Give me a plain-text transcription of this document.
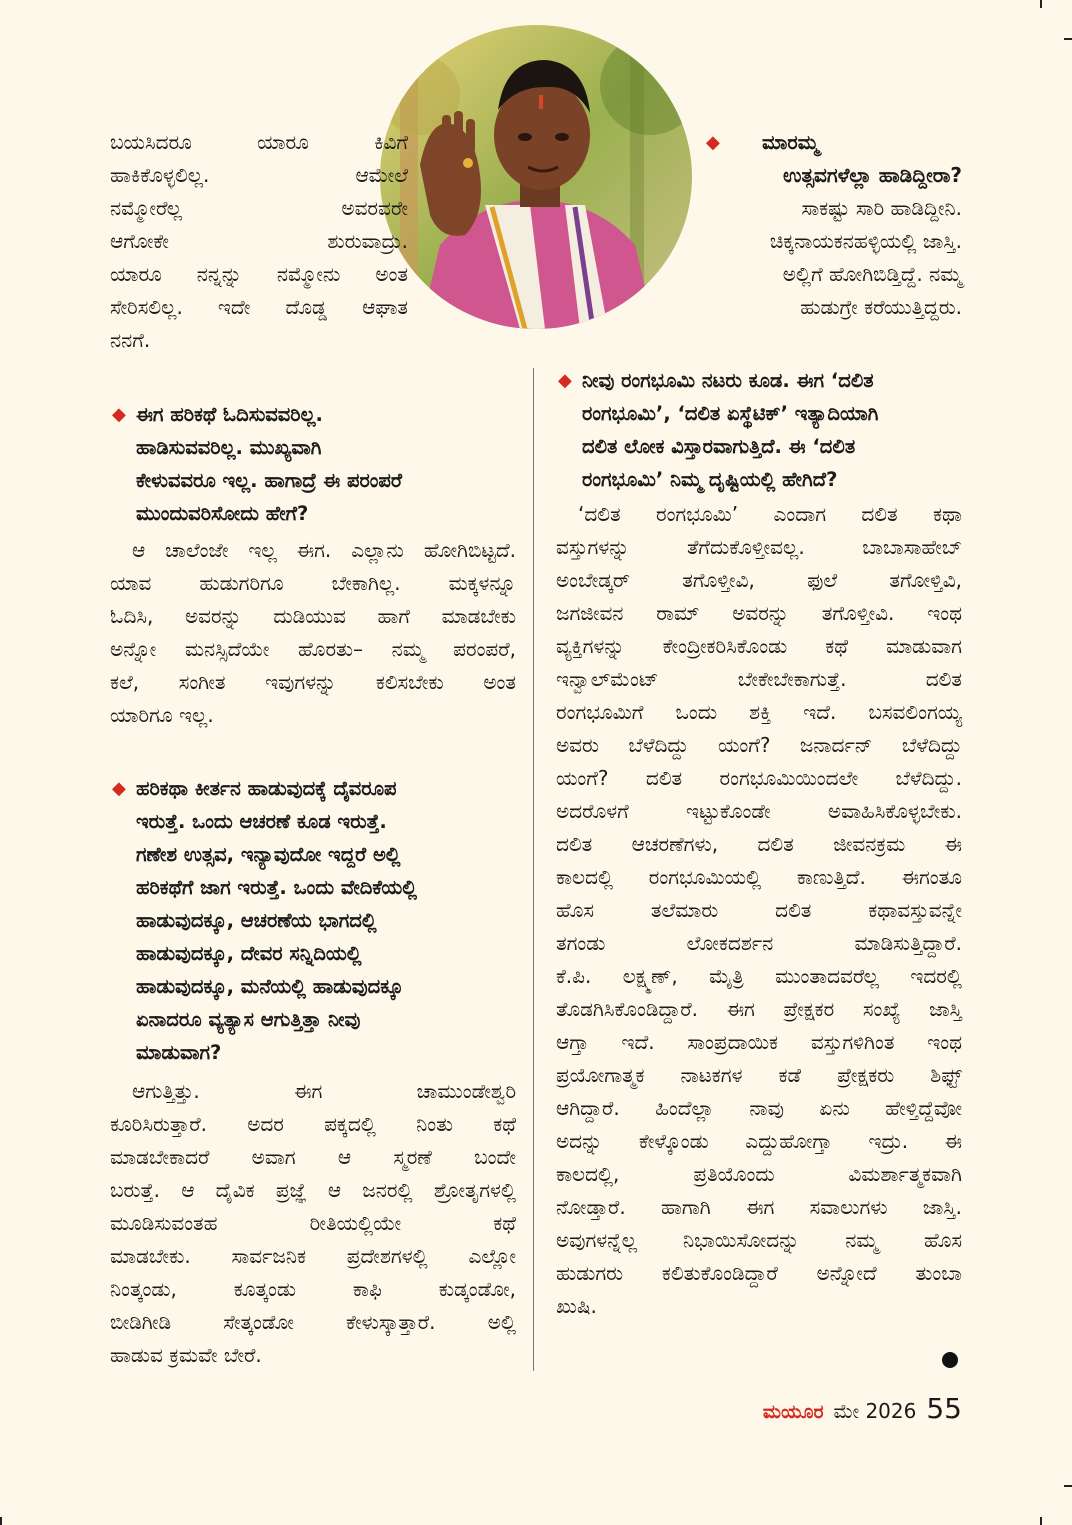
ಬಯಸಿದರೂ ಯಾರೂ ಕಿವಿಗೆ

ಹಾಕಿಕೊಳ್ಳಲಿಲ್ಲ. ಆಮೇಲೆ

ನಮ್ಮೋರೆಲ್ಲ ಅವರವರೇ

ಆಗೋಕೇ ಶುರುವಾದ್ರು.

ಯಾರೂ ನನ್ನನ್ನು ನಮ್ಮೋನು ಅಂತ

ಸೇರಿಸಲಿಲ್ಲ. ಇದೇ ದೊಡ್ಡ ಆಘಾತ

ನನಗೆ.

◆ ಮಾರಮ್ಮ

ಉತ್ಸವಗಳೆಲ್ಲಾ ಹಾಡಿದ್ದೀರಾ?

ಸಾಕಷ್ಟು ಸಾರಿ ಹಾಡಿದ್ದೀನಿ.

ಚಿಕ್ಕನಾಯಕನಹಳ್ಳಿಯಲ್ಲಿ ಜಾಸ್ತಿ.

ಅಲ್ಲಿಗೆ ಹೋಗಿಬಿಡ್ತಿದ್ದೆ. ನಮ್ಮ

ಹುಡುಗ್ರೇ ಕರೆಯುತ್ತಿದ್ದರು.

◆ ಈಗ ಹರಿಕಥೆ ಓದಿಸುವವರಿಲ್ಲ.

ಹಾಡಿಸುವವರಿಲ್ಲ. ಮುಖ್ಯವಾಗಿ

ಕೇಳುವವರೂ ಇಲ್ಲ. ಹಾಗಾದ್ರೆ ಈ ಪರಂಪರೆ

ಮುಂದುವರಿಸೋದು ಹೇಗೆ?

ಆ ಚಾಲೆಂಜೇ ಇಲ್ಲ ಈಗ. ಎಲ್ಲಾನು ಹೋಗಿಬಿಟ್ಟದೆ.

ಯಾವ ಹುಡುಗರಿಗೂ ಬೇಕಾಗಿಲ್ಲ. ಮಕ್ಕಳನ್ನೂ

ಓದಿಸಿ, ಅವರನ್ನು ದುಡಿಯುವ ಹಾಗೆ ಮಾಡಬೇಕು

ಅನ್ನೋ ಮನಸ್ಸಿದೆಯೇ ಹೊರತು– ನಮ್ಮ ಪರಂಪರೆ,

ಕಲೆ, ಸಂಗೀತ ಇವುಗಳನ್ನು ಕಲಿಸಬೇಕು ಅಂತ

ಯಾರಿಗೂ ಇಲ್ಲ.

◆ ಹರಿಕಥಾ ಕೀರ್ತನ ಹಾಡುವುದಕ್ಕೆ ದೈವರೂಪ

ಇರುತ್ತೆ. ಒಂದು ಆಚರಣೆ ಕೂಡ ಇರುತ್ತೆ.

ಗಣೇಶ ಉತ್ಸವ, ಇನ್ಯಾವುದೋ ಇದ್ದರೆ ಅಲ್ಲಿ

ಹರಿಕಥೆಗೆ ಜಾಗ ಇರುತ್ತೆ. ಒಂದು ವೇದಿಕೆಯಲ್ಲಿ

ಹಾಡುವುದಕ್ಕೂ, ಆಚರಣೆಯ ಭಾಗದಲ್ಲಿ

ಹಾಡುವುದಕ್ಕೂ, ದೇವರ ಸನ್ನಿದಿಯಲ್ಲಿ

ಹಾಡುವುದಕ್ಕೂ, ಮನೆಯಲ್ಲಿ ಹಾಡುವುದಕ್ಕೂ

ಏನಾದರೂ ವ್ಯತ್ಯಾಸ ಆಗುತ್ತಿತ್ತಾ ನೀವು

ಮಾಡುವಾಗ?

ಆಗುತ್ತಿತ್ತು. ಈಗ ಚಾಮುಂಡೇಶ್ವರಿ

ಕೂರಿಸಿರುತ್ತಾರೆ. ಅದರ ಪಕ್ಕದಲ್ಲಿ ನಿಂತು ಕಥೆ

ಮಾಡಬೇಕಾದರೆ ಅವಾಗ ಆ ಸ್ಮರಣೆ ಬಂದೇ

ಬರುತ್ತೆ. ಆ ದೈವಿಕ ಪ್ರಜ್ಞೆ ಆ ಜನರಲ್ಲಿ ಶ್ರೋತೃಗಳಲ್ಲಿ

ಮೂಡಿಸುವಂತಹ ರೀತಿಯಲ್ಲಿಯೇ ಕಥೆ

ಮಾಡಬೇಕು. ಸಾರ್ವಜನಿಕ ಪ್ರದೇಶಗಳಲ್ಲಿ ಎಲ್ಲೋ

ನಿಂತ್ಕಂಡು, ಕೂತ್ಕಂಡು ಕಾಫಿ ಕುಡ್ಕಂಡೋ,

ಬೀಡಿಗೀಡಿ ಸೇತ್ಕಂಡೋ ಕೇಳುಸ್ಕಾತ್ತಾರೆ. ಅಲ್ಲಿ

ಹಾಡುವ ಕ್ರಮವೇ ಬೇರೆ.

◆ ನೀವು ರಂಗಭೂಮಿ ನಟರು ಕೂಡ. ಈಗ ‘ದಲಿತ

ರಂಗಭೂಮಿ’, ‘ದಲಿತ ಏಸ್ಥೆಟಿಕ್’ ಇತ್ಯಾದಿಯಾಗಿ

ದಲಿತ ಲೋಕ ವಿಸ್ತಾರವಾಗುತ್ತಿದೆ. ಈ ‘ದಲಿತ

ರಂಗಭೂಮಿ’ ನಿಮ್ಮ ದೃಷ್ಟಿಯಲ್ಲಿ ಹೇಗಿದೆ?

‘ದಲಿತ ರಂಗಭೂಮಿ’ ಎಂದಾಗ ದಲಿತ ಕಥಾ

ವಸ್ತುಗಳನ್ನು ತೆಗೆದುಕೊಳ್ತೀವಲ್ಲ. ಬಾಬಾಸಾಹೇಬ್

ಅಂಬೇಡ್ಕರ್ ತಗೊಳ್ತೀವಿ, ಫುಲೆ ತಗೋಳ್ತಿವಿ,

ಜಗಜೀವನ ರಾಮ್ ಅವರನ್ನು ತಗೊಳ್ತೀವಿ. ಇಂಥ

ವ್ಯಕ್ತಿಗಳನ್ನು ಕೇಂದ್ರೀಕರಿಸಿಕೊಂಡು ಕಥೆ ಮಾಡುವಾಗ

ಇನ್ವಾಲ್‌ಮೆಂಟ್ ಬೇಕೇಬೇಕಾಗುತ್ತೆ. ದಲಿತ

ರಂಗಭೂಮಿಗೆ ಒಂದು ಶಕ್ತಿ ಇದೆ. ಬಸವಲಿಂಗಯ್ಯ

ಅವರು ಬೆಳೆದಿದ್ದು ಯಂಗೆ? ಜನಾರ್ದನ್ ಬೆಳೆದಿದ್ದು

ಯಂಗೆ? ದಲಿತ ರಂಗಭೂಮಿಯಿಂದಲೇ ಬೆಳೆದಿದ್ದು.

ಅದರೊಳಗೆ ಇಟ್ಟುಕೊಂಡೇ ಅವಾಹಿಸಿಕೊಳ್ಳಬೇಕು.

ದಲಿತ ಆಚರಣೆಗಳು, ದಲಿತ ಜೀವನಕ್ರಮ ಈ

ಕಾಲದಲ್ಲಿ ರಂಗಭೂಮಿಯಲ್ಲಿ ಕಾಣುತ್ತಿದೆ. ಈಗಂತೂ

ಹೊಸ ತಲೆಮಾರು ದಲಿತ ಕಥಾವಸ್ತುವನ್ನೇ

ತಗಂಡು ಲೋಕದರ್ಶನ ಮಾಡಿಸುತ್ತಿದ್ದಾರೆ.

ಕೆ.ಪಿ. ಲಕ್ಷ್ಮಣ್, ಮೈತ್ರಿ ಮುಂತಾದವರೆಲ್ಲ ಇದರಲ್ಲಿ

ತೊಡಗಿಸಿಕೊಂಡಿದ್ದಾರೆ. ಈಗ ಪ್ರೇಕ್ಷಕರ ಸಂಖ್ಯೆ ಜಾಸ್ತಿ

ಆಗ್ತಾ ಇದೆ. ಸಾಂಪ್ರದಾಯಿಕ ವಸ್ತುಗಳಿಗಿಂತ ಇಂಥ

ಪ್ರಯೋಗಾತ್ಮಕ ನಾಟಕಗಳ ಕಡೆ ಪ್ರೇಕ್ಷಕರು ಶಿಫ್ಟ್

ಆಗಿದ್ದಾರೆ. ಹಿಂದೆಲ್ಲಾ ನಾವು ಏನು ಹೇಳ್ತಿದ್ದೆವೋ

ಅದನ್ನು ಕೇಳ್ಕೊಂಡು ಎದ್ದುಹೋಗ್ತಾ ಇದ್ರು. ಈ

ಕಾಲದಲ್ಲಿ, ಪ್ರತಿಯೊಂದು ವಿಮರ್ಶಾತ್ಮಕವಾಗಿ

ನೋಡ್ತಾರೆ. ಹಾಗಾಗಿ ಈಗ ಸವಾಲುಗಳು ಜಾಸ್ತಿ.

ಅವುಗಳನ್ನೆಲ್ಲ ನಿಭಾಯಿಸೋದನ್ನು ನಮ್ಮ ಹೊಸ

ಹುಡುಗರು ಕಲಿತುಕೊಂಡಿದ್ದಾರೆ ಅನ್ನೋದೆ ತುಂಬಾ

ಖುಷಿ.

ಮಯೂರ ಮೇ 2026 55
